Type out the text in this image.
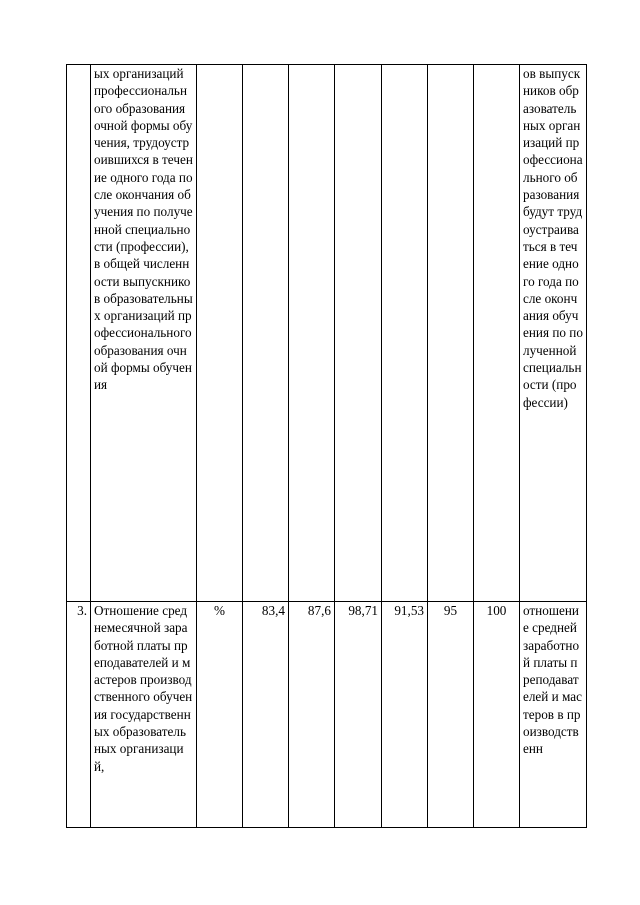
	ых организаций профессионального образования очной формы обучения, трудоустроившихся в течение одного года после окончания обучения по полученной специальности (профессии), в общей численности выпускников образовательных организаций профессионального образования очной формы обучения								ов выпускников образовательных организаций профессионального образования будут трудоустраиваться в течение одного года после окончания обучения по полученной специальности (профессии)
3.	Отношение среднемесячной заработной платы преподавателей и мастеров производственного обучения государственных образовательных организаций,	%	83,4	87,6	98,71	91,53	95	100	отношение средней заработной платы преподавателей и мастеров в производственн
